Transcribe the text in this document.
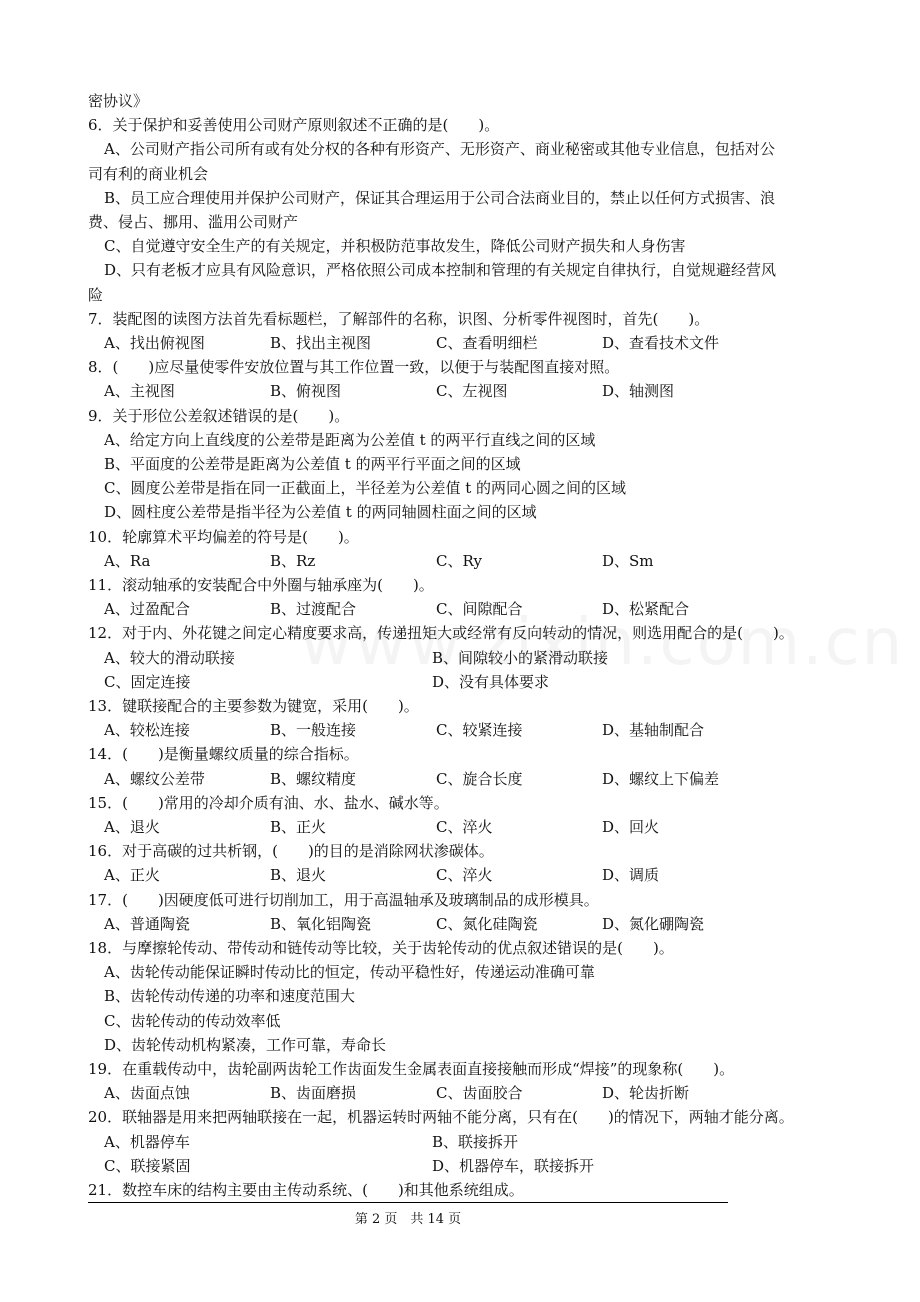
密协议》
6．关于保护和妥善使用公司财产原则叙述不正确的是(　　)。
A、公司财产指公司所有或有处分权的各种有形资产、无形资产、商业秘密或其他专业信息，包括对公
司有利的商业机会
B、员工应合理使用并保护公司财产，保证其合理运用于公司合法商业目的，禁止以任何方式损害、浪
费、侵占、挪用、滥用公司财产
C、自觉遵守安全生产的有关规定，并积极防范事故发生，降低公司财产损失和人身伤害
D、只有老板才应具有风险意识，严格依照公司成本控制和管理的有关规定自律执行，自觉规避经营风
险
7．装配图的读图方法首先看标题栏，了解部件的名称，识图、分析零件视图时，首先(　　)。
A、找出俯视图	B、找出主视图	C、查看明细栏	D、查看技术文件
8．(　　)应尽量使零件安放位置与其工作位置一致，以便于与装配图直接对照。
A、主视图	B、俯视图	C、左视图	D、轴测图
9．关于形位公差叙述错误的是(　　)。
A、给定方向上直线度的公差带是距离为公差值 t 的两平行直线之间的区域
B、平面度的公差带是距离为公差值 t 的两平行平面之间的区域
C、圆度公差带是指在同一正截面上，半径差为公差值 t 的两同心圆之间的区域
D、圆柱度公差带是指半径为公差值 t 的两同轴圆柱面之间的区域
10．轮廓算术平均偏差的符号是(　　)。
A、Ra	B、Rz	C、Ry	D、Sm
11．滚动轴承的安装配合中外圈与轴承座为(　　)。
A、过盈配合	B、过渡配合	C、间隙配合	D、松紧配合
12．对于内、外花键之间定心精度要求高，传递扭矩大或经常有反向转动的情况，则选用配合的是(　　)。
A、较大的滑动联接	B、间隙较小的紧滑动联接
C、固定连接	D、没有具体要求
13．键联接配合的主要参数为键宽，采用(　　)。
A、较松连接	B、一般连接	C、较紧连接	D、基轴制配合
14．(　　)是衡量螺纹质量的综合指标。
A、螺纹公差带	B、螺纹精度	C、旋合长度	D、螺纹上下偏差
15．(　　)常用的冷却介质有油、水、盐水、碱水等。
A、退火	B、正火	C、淬火	D、回火
16．对于高碳的过共析钢，(　　)的目的是消除网状渗碳体。
A、正火	B、退火	C、淬火	D、调质
17．(　　)因硬度低可进行切削加工，用于高温轴承及玻璃制品的成形模具。
A、普通陶瓷	B、氧化铝陶瓷	C、氮化硅陶瓷	D、氮化硼陶瓷
18．与摩擦轮传动、带传动和链传动等比较，关于齿轮传动的优点叙述错误的是(　　)。
A、齿轮传动能保证瞬时传动比的恒定，传动平稳性好，传递运动准确可靠
B、齿轮传动传递的功率和速度范围大
C、齿轮传动的传动效率低
D、齿轮传动机构紧凑，工作可靠，寿命长
19．在重载传动中，齿轮副两齿轮工作齿面发生金属表面直接接触而形成“焊接”的现象称(　　)。
A、齿面点蚀	B、齿面磨损	C、齿面胶合	D、轮齿折断
20．联轴器是用来把两轴联接在一起，机器运转时两轴不能分离，只有在(　　)的情况下，两轴才能分离。
A、机器停车	B、联接拆开
C、联接紧固	D、机器停车，联接拆开
21．数控车床的结构主要由主传动系统、(　　)和其他系统组成。
第 2 页　共 14 页
